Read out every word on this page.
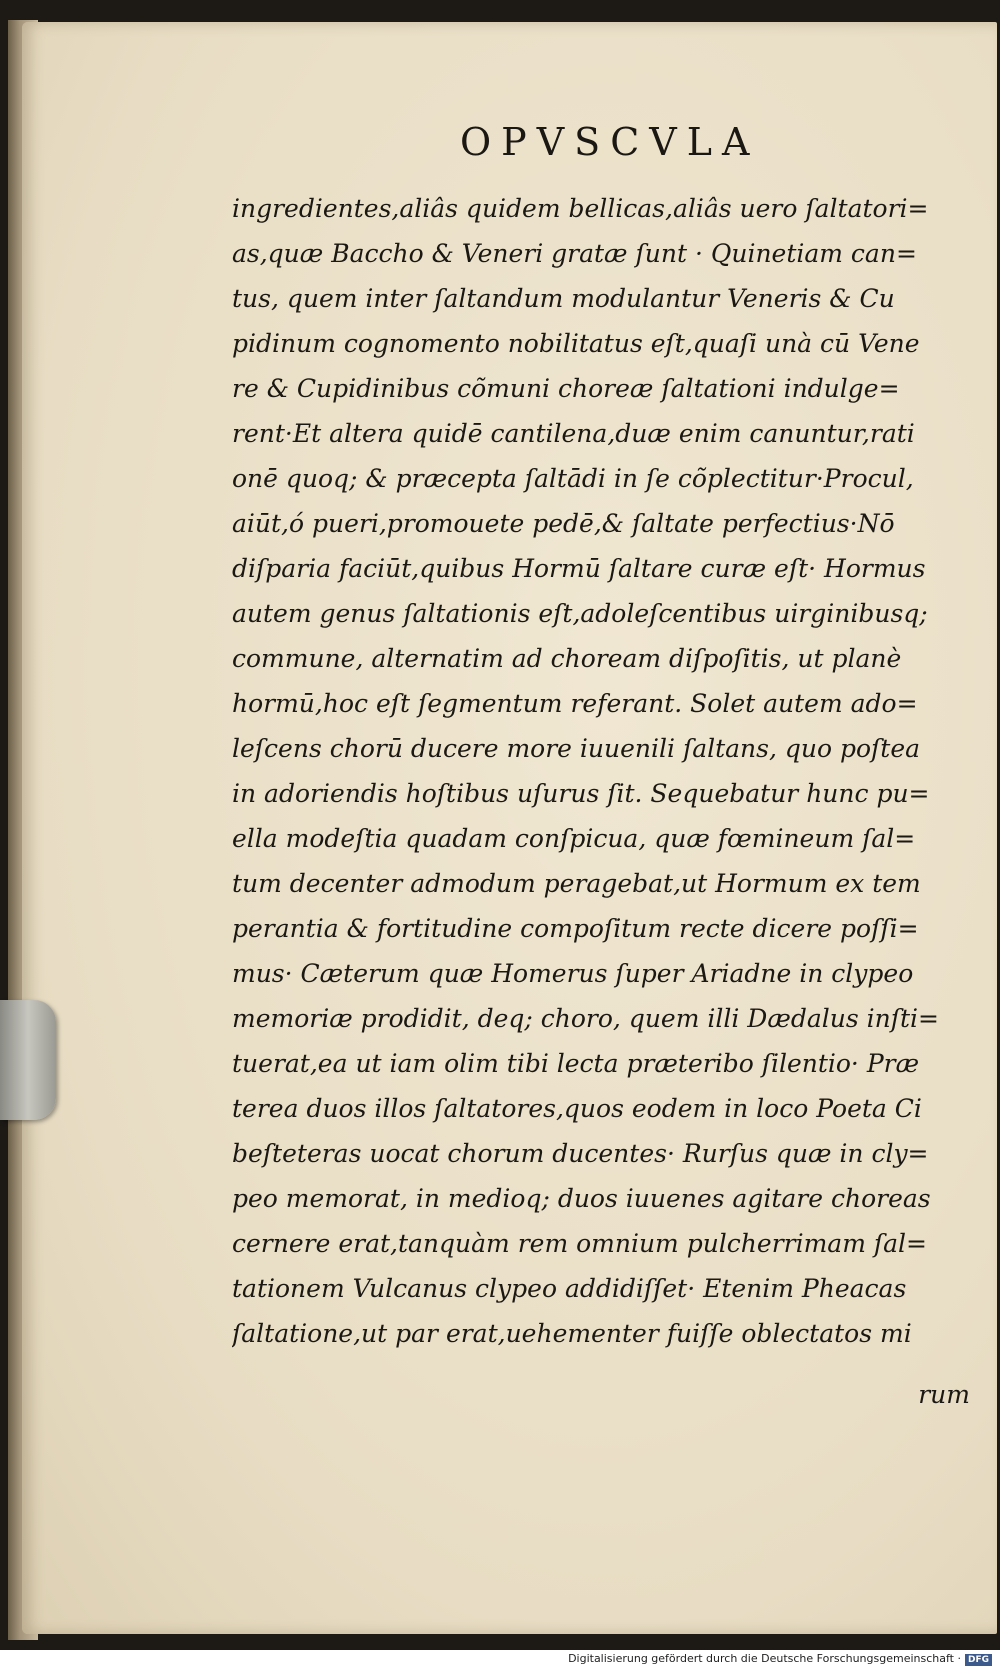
OPVSCVLA
ingredientes,aliâs quidem bellicas,aliâs uero ſaltatori=
as,quæ Baccho & Veneri gratæ ſunt · Quinetiam can=
tus, quem inter ſaltandum modulantur Veneris & Cu
pidinum cognomento nobilitatus eſt,quaſi unà cū Vene
re & Cupidinibus cõmuni choreæ ſaltationi indulge=
rent·Et altera quidē cantilena,duæ enim canuntur,rati
onē quoq; & præcepta ſaltādi in ſe cõplectitur·Procul,
aiūt,ó pueri,promouete pedē,& ſaltate perfectius·Nō
diſparia faciūt,quibus Hormū ſaltare curæ eſt· Hormus
autem genus ſaltationis eſt,adoleſcentibus uirginibusq;
commune, alternatim ad choream diſpoſitis, ut planè
hormū,hoc eſt ſegmentum referant. Solet autem ado=
leſcens chorū ducere more iuuenili ſaltans, quo poſtea
in adoriendis hoſtibus uſurus ſit. Sequebatur hunc pu=
ella modeſtia quadam conſpicua, quæ fœmineum ſal=
tum decenter admodum peragebat,ut Hormum ex tem
perantia & fortitudine compoſitum recte dicere poſſi=
mus· Cæterum quæ Homerus ſuper Ariadne in clypeo
memoriæ prodidit, deq; choro, quem illi Dædalus inſti=
tuerat,ea ut iam olim tibi lecta præteribo ſilentio· Præ
terea duos illos ſaltatores,quos eodem in loco Poeta Ci
beſteteras uocat chorum ducentes· Rurſus quæ in cly=
peo memorat, in medioq; duos iuuenes agitare choreas
cernere erat,tanquàm rem omnium pulcherrimam ſal=
tationem Vulcanus clypeo addidiſſet· Etenim Pheacas
ſaltatione,ut par erat,uehementer fuiſſe oblectatos mi
rum
Digitalisierung gefördert durch die Deutsche Forschungsgemeinschaft · DFG
